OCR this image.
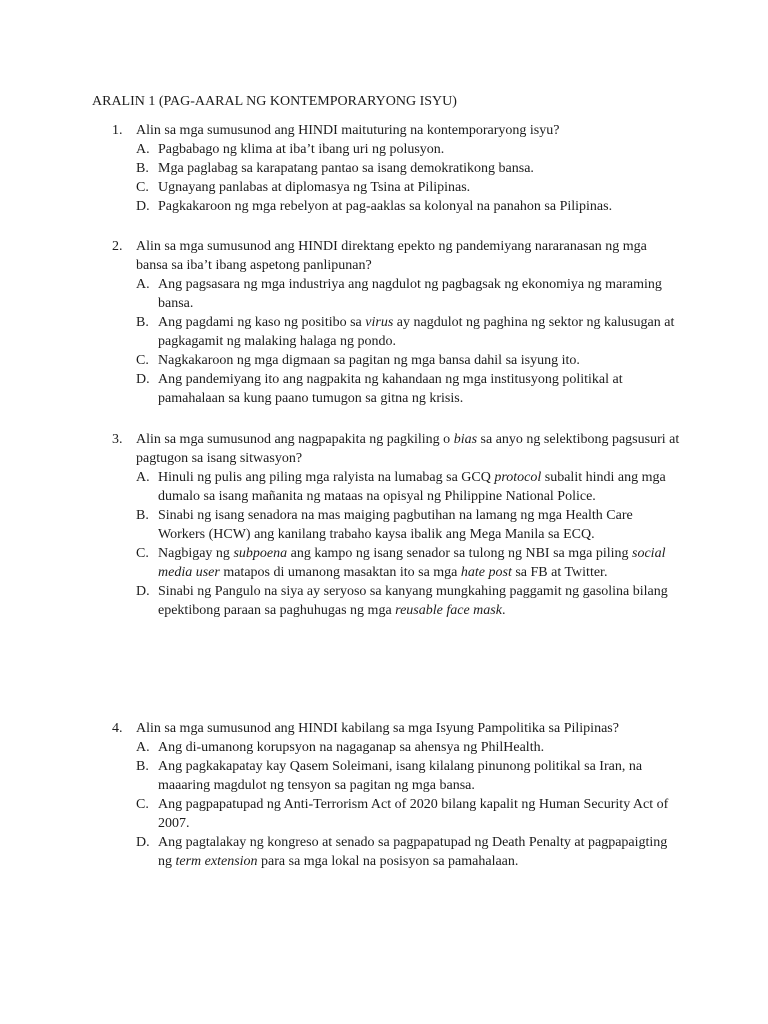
ARALIN 1 (PAG-AARAL NG KONTEMPORARYONG ISYU)
1. Alin sa mga sumusunod ang HINDI maituturing na kontemporaryong isyu?
A. Pagbabago ng klima at iba’t ibang uri ng polusyon.
B. Mga paglabag sa karapatang pantao sa isang demokratikong bansa.
C. Ugnayang panlabas at diplomasya ng Tsina at Pilipinas.
D. Pagkakaroon ng mga rebelyon at pag-aaklas sa kolonyal na panahon sa Pilipinas.
2. Alin sa mga sumusunod ang HINDI direktang epekto ng pandemiyang nararanasan ng mga bansa sa iba’t ibang aspetong panlipunan?
A. Ang pagsasara ng mga industriya ang nagdulot ng pagbagsak ng ekonomiya ng maraming bansa.
B. Ang pagdami ng kaso ng positibo sa virus ay nagdulot ng paghina ng sektor ng kalusugan at pagkagamit ng malaking halaga ng pondo.
C. Nagkakaroon ng mga digmaan sa pagitan ng mga bansa dahil sa isyung ito.
D. Ang pandemiyang ito ang nagpakita ng kahandaan ng mga institusyong politikal at pamahalaan sa kung paano tumugon sa gitna ng krisis.
3. Alin sa mga sumusunod ang nagpapakita ng pagkiling o bias sa anyo ng selektibong pagsusuri at pagtugon sa isang sitwasyon?
A. Hinuli ng pulis ang piling mga ralyista na lumabag sa GCQ protocol subalit hindi ang mga dumalo sa isang mañanita ng mataas na opisyal ng Philippine National Police.
B. Sinabi ng isang senadora na mas maiging pagbutihan na lamang ng mga Health Care Workers (HCW) ang kanilang trabaho kaysa ibalik ang Mega Manila sa ECQ.
C. Nagbigay ng subpoena ang kampo ng isang senador sa tulong ng NBI sa mga piling social media user matapos di umanong masaktan ito sa mga hate post sa FB at Twitter.
D. Sinabi ng Pangulo na siya ay seryoso sa kanyang mungkahing paggamit ng gasolina bilang epektibong paraan sa paghuhugas ng mga reusable face mask.
4. Alin sa mga sumusunod ang HINDI kabilang sa mga Isyung Pampolitika sa Pilipinas?
A. Ang di-umanong korupsyon na nagaganap sa ahensya ng PhilHealth.
B. Ang pagkakapatay kay Qasem Soleimani, isang kilalang pinunong politikal sa Iran, na maaaring magdulot ng tensyon sa pagitan ng mga bansa.
C. Ang pagpapatupad ng Anti-Terrorism Act of 2020 bilang kapalit ng Human Security Act of 2007.
D. Ang pagtalakay ng kongreso at senado sa pagpapatupad ng Death Penalty at pagpapaigting ng term extension para sa mga lokal na posisyon sa pamahalaan.
